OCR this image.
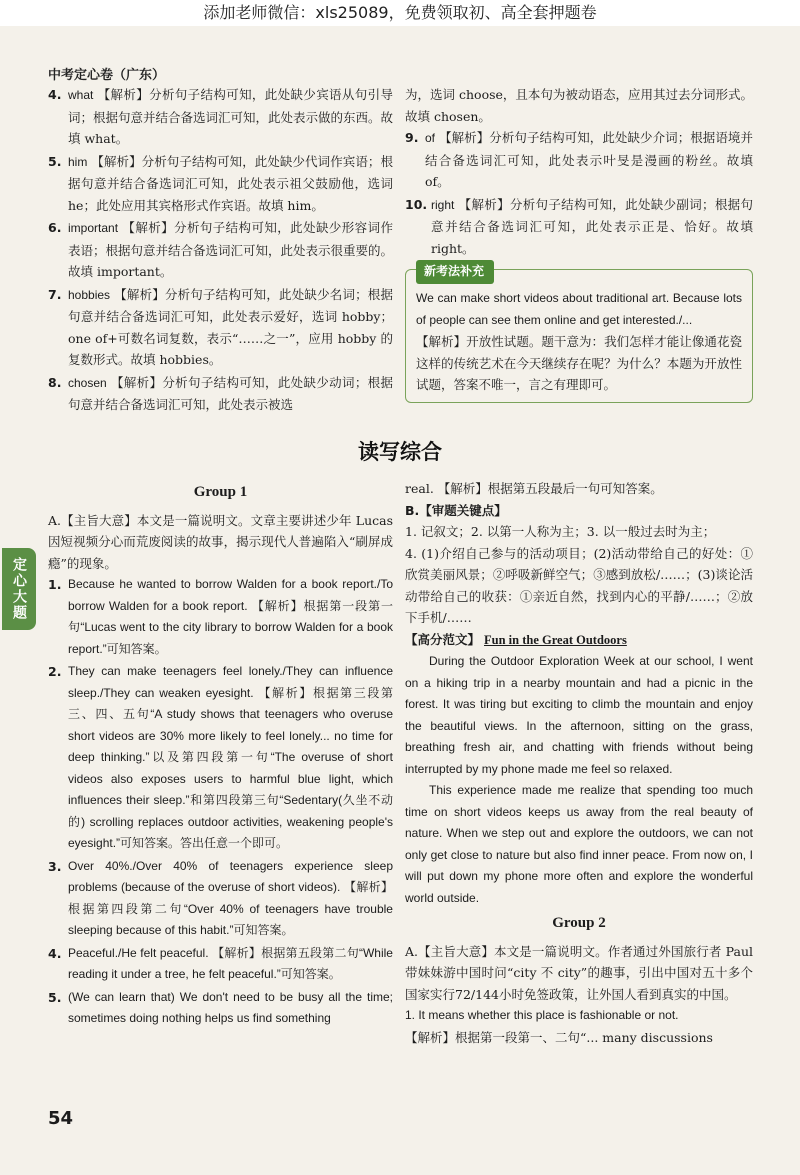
添加老师微信：xls25089，免费领取初、高全套押题卷
中考定心卷（广东）
4. what 【解析】分析句子结构可知，此处缺少宾语从句引导词；根据句意并结合备选词汇可知，此处表示做的东西。故填 what。
5. him 【解析】分析句子结构可知，此处缺少代词作宾语；根据句意并结合备选词汇可知，此处表示祖父鼓励他，选词 he；此处应用其宾格形式作宾语。故填 him。
6. important 【解析】分析句子结构可知，此处缺少形容词作表语；根据句意并结合备选词汇可知，此处表示很重要的。故填 important。
7. hobbies 【解析】分析句子结构可知，此处缺少名词；根据句意并结合备选词汇可知，此处表示爱好，选词 hobby；one of+可数名词复数，表示“……之一”，应用 hobby 的复数形式。故填 hobbies。
8. chosen 【解析】分析句子结构可知，此处缺少动词；根据句意并结合备选词汇可知，此处表示被选
为，选词 choose，且本句为被动语态，应用其过去分词形式。故填 chosen。
9. of 【解析】分析句子结构可知，此处缺少介词；根据语境并结合备选词汇可知，此处表示叶旻是漫画的粉丝。故填 of。
10. right 【解析】分析句子结构可知，此处缺少副词；根据句意并结合备选词汇可知，此处表示正是、恰好。故填 right。
新考法补充
We can make short videos about traditional art. Because lots of people can see them online and get interested./...
【解析】开放性试题。题干意为：我们怎样才能让像通花瓷这样的传统艺术在今天继续存在呢？为什么？本题为开放性试题，答案不唯一，言之有理即可。
读写综合
定心大题
Group 1
A.【主旨大意】本文是一篇说明文。文章主要讲述少年 Lucas 因短视频分心而荒废阅读的故事，揭示现代人普遍陷入“刷屏成瘾”的现象。
1. Because he wanted to borrow Walden for a book report./To borrow Walden for a book report. 【解析】根据第一段第一句“Lucas went to the city library to borrow Walden for a book report.”可知答案。
2. They can make teenagers feel lonely./They can influence sleep./They can weaken eyesight. 【解析】根据第三段第三、四、五句“A study shows that teenagers who overuse short videos are 30% more likely to feel lonely... no time for deep thinking.”以及第四段第一句“The overuse of short videos also exposes users to harmful blue light, which influences their sleep.”和第四段第三句“Sedentary(久坐不动的) scrolling replaces outdoor activities, weakening people's eyesight.”可知答案。答出任意一个即可。
3. Over 40%./Over 40% of teenagers experience sleep problems (because of the overuse of short videos). 【解析】根据第四段第二句“Over 40% of teenagers have trouble sleeping because of this habit.”可知答案。
4. Peaceful./He felt peaceful. 【解析】根据第五段第二句“While reading it under a tree, he felt peaceful.”可知答案。
5. (We can learn that) We don't need to be busy all the time; sometimes doing nothing helps us find something
real. 【解析】根据第五段最后一句可知答案。
B.【审题关键点】
1. 记叙文；2. 以第一人称为主；3. 以一般过去时为主；
4. (1)介绍自己参与的活动项目；(2)活动带给自己的好处：①欣赏美丽风景；②呼吸新鲜空气；③感到放松/……；(3)谈论活动带给自己的收获：①亲近自然，找到内心的平静/……；②放下手机/……
【高分范文】 Fun in the Great Outdoors
During the Outdoor Exploration Week at our school, I went on a hiking trip in a nearby mountain and had a picnic in the forest. It was tiring but exciting to climb the mountain and enjoy the beautiful views. In the afternoon, sitting on the grass, breathing fresh air, and chatting with friends without being interrupted by my phone made me feel so relaxed.
This experience made me realize that spending too much time on short videos keeps us away from the real beauty of nature. When we step out and explore the outdoors, we can not only get close to nature but also find inner peace. From now on, I will put down my phone more often and explore the wonderful world outside.
Group 2
A.【主旨大意】本文是一篇说明文。作者通过外国旅行者 Paul 带妹妹游中国时问“city 不 city”的趣事，引出中国对五十多个国家实行72/144小时免签政策，让外国人看到真实的中国。
1. It means whether this place is fashionable or not.
【解析】根据第一段第一、二句“... many discussions
54
